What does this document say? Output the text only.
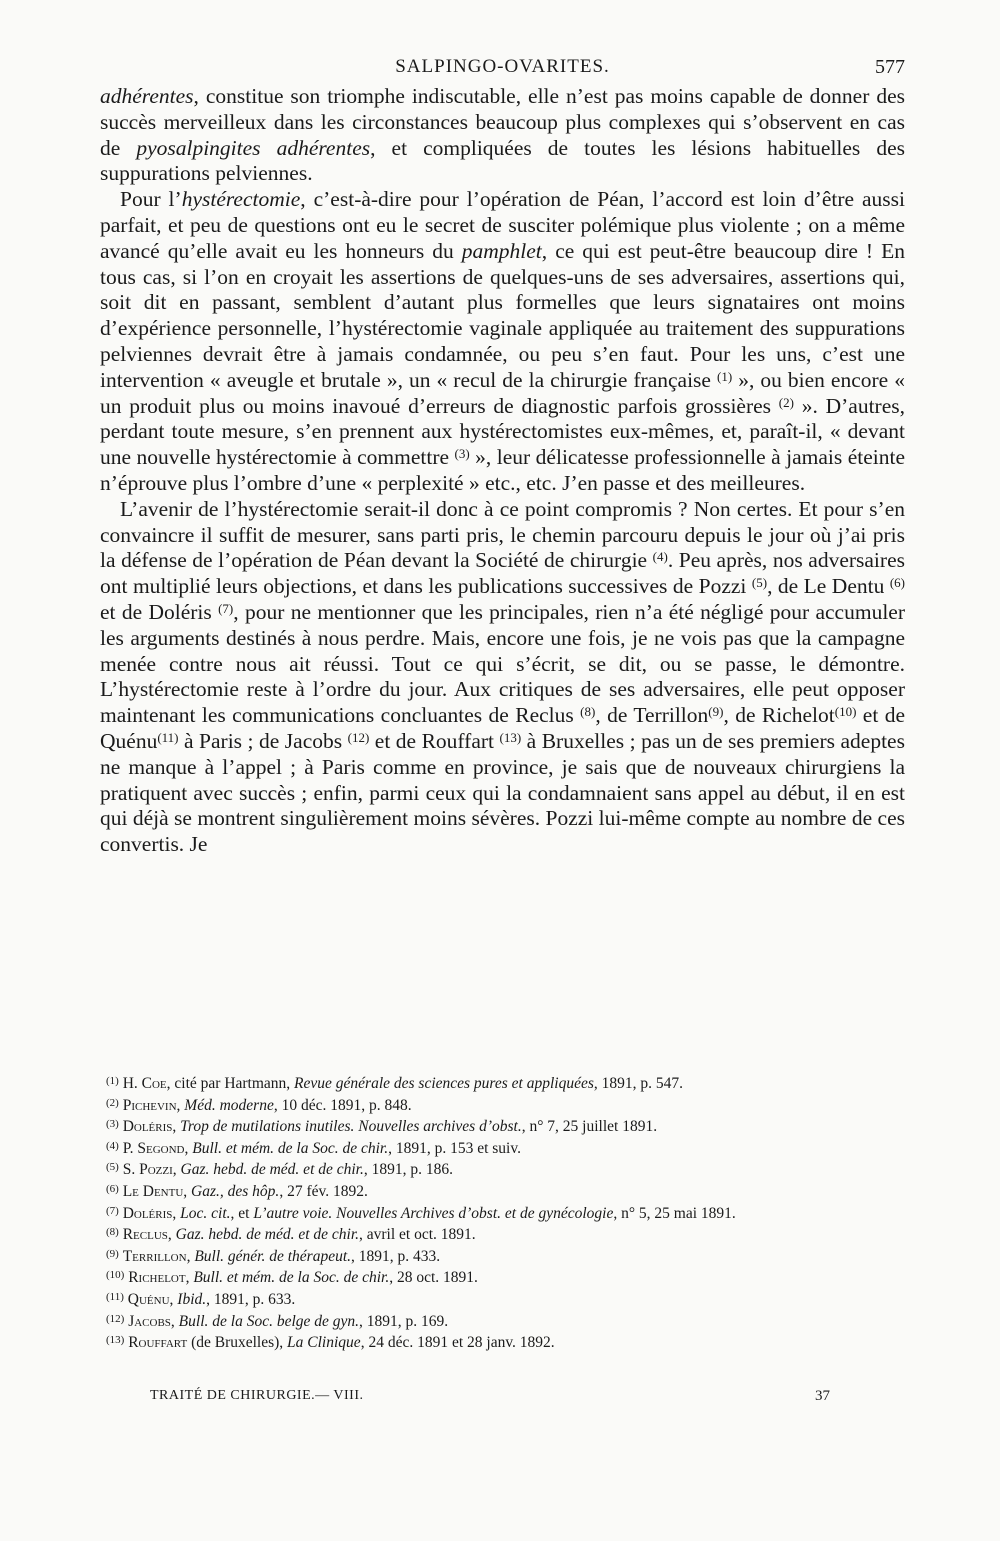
SALPINGO-OVARITES.	577

adhérentes, constitue son triomphe indiscutable, elle n’est pas moins capable de donner des succès merveilleux dans les circonstances beaucoup plus complexes qui s’observent en cas de pyosalpingites adhérentes, et compliquées de toutes les lésions habituelles des suppurations pelviennes.

Pour l’hystérectomie, c’est-à-dire pour l’opération de Péan, l’accord est loin d’être aussi parfait, et peu de questions ont eu le secret de susciter polémique plus violente ; on a même avancé qu’elle avait eu les honneurs du pamphlet, ce qui est peut-être beaucoup dire ! En tous cas, si l’on en croyait les assertions de quelques-uns de ses adversaires, assertions qui, soit dit en passant, semblent d’autant plus formelles que leurs signataires ont moins d’expérience personnelle, l’hystérectomie vaginale appliquée au traitement des suppurations pelviennes devrait être à jamais condamnée, ou peu s’en faut. Pour les uns, c’est une intervention « aveugle et brutale », un « recul de la chirurgie française $^{(1)}$ », ou bien encore « un produit plus ou moins inavoué d’erreurs de diagnostic parfois grossières $^{(2)}$ ». D’autres, perdant toute mesure, s’en prennent aux hystérectomistes eux-mêmes, et, paraît-il, « devant une nouvelle hystérectomie à commettre $^{(3)}$ », leur délicatesse professionnelle à jamais éteinte n’éprouve plus l’ombre d’une « perplexité » etc., etc. J’en passe et des meilleures.

L’avenir de l’hystérectomie serait-il donc à ce point compromis ? Non certes. Et pour s’en convaincre il suffit de mesurer, sans parti pris, le chemin parcouru depuis le jour où j’ai pris la défense de l’opération de Péan devant la Société de chirurgie $^{(4)}$. Peu après, nos adversaires ont multiplié leurs objections, et dans les publications successives de Pozzi $^{(5)}$, de Le Dentu $^{(6)}$ et de Doléris $^{(7)}$, pour ne mentionner que les principales, rien n’a été négligé pour accumuler les arguments destinés à nous perdre. Mais, encore une fois, je ne vois pas que la campagne menée contre nous ait réussi. Tout ce qui s’écrit, se dit, ou se passe, le démontre. L’hystérectomie reste à l’ordre du jour. Aux critiques de ses adversaires, elle peut opposer maintenant les communications concluantes de Reclus $^{(8)}$, de Terrillon$^{(9)}$, de Richelot$^{(10)}$ et de Quénu$^{(11)}$ à Paris ; de Jacobs $^{(12)}$ et de Rouffart $^{(13)}$ à Bruxelles ; pas un de ses premiers adeptes ne manque à l’appel ; à Paris comme en province, je sais que de nouveaux chirurgiens la pratiquent avec succès ; enfin, parmi ceux qui la condamnaient sans appel au début, il en est qui déjà se montrent singulièrement moins sévères. Pozzi lui-même compte au nombre de ces convertis. Je

$^{(1)}$ H. Coe, cité par Hartmann, Revue générale des sciences pures et appliquées, 1891, p. 547.

$^{(2)}$ Pichevin, Méd. moderne, 10 déc. 1891, p. 848.

$^{(3)}$ Doléris, Trop de mutilations inutiles. Nouvelles archives d’obst., n° 7, 25 juillet 1891.

$^{(4)}$ P. Segond, Bull. et mém. de la Soc. de chir., 1891, p. 153 et suiv.

$^{(5)}$ S. Pozzi, Gaz. hebd. de méd. et de chir., 1891, p. 186.

$^{(6)}$ Le Dentu, Gaz., des hôp., 27 fév. 1892.

$^{(7)}$ Doléris, Loc. cit., et L’autre voie. Nouvelles Archives d’obst. et de gynécologie, n° 5, 25 mai 1891.

$^{(8)}$ Reclus, Gaz. hebd. de méd. et de chir., avril et oct. 1891.

$^{(9)}$ Terrillon, Bull. génér. de thérapeut., 1891, p. 433.

$^{(10)}$ Richelot, Bull. et mém. de la Soc. de chir., 28 oct. 1891.

$^{(11)}$ Quénu, Ibid., 1891, p. 633.

$^{(12)}$ Jacobs, Bull. de la Soc. belge de gyn., 1891, p. 169.

$^{(13)}$ Rouffart (de Bruxelles), La Clinique, 24 déc. 1891 et 28 janv. 1892.

TRAITÉ DE CHIRURGIE.— VIII.	37
